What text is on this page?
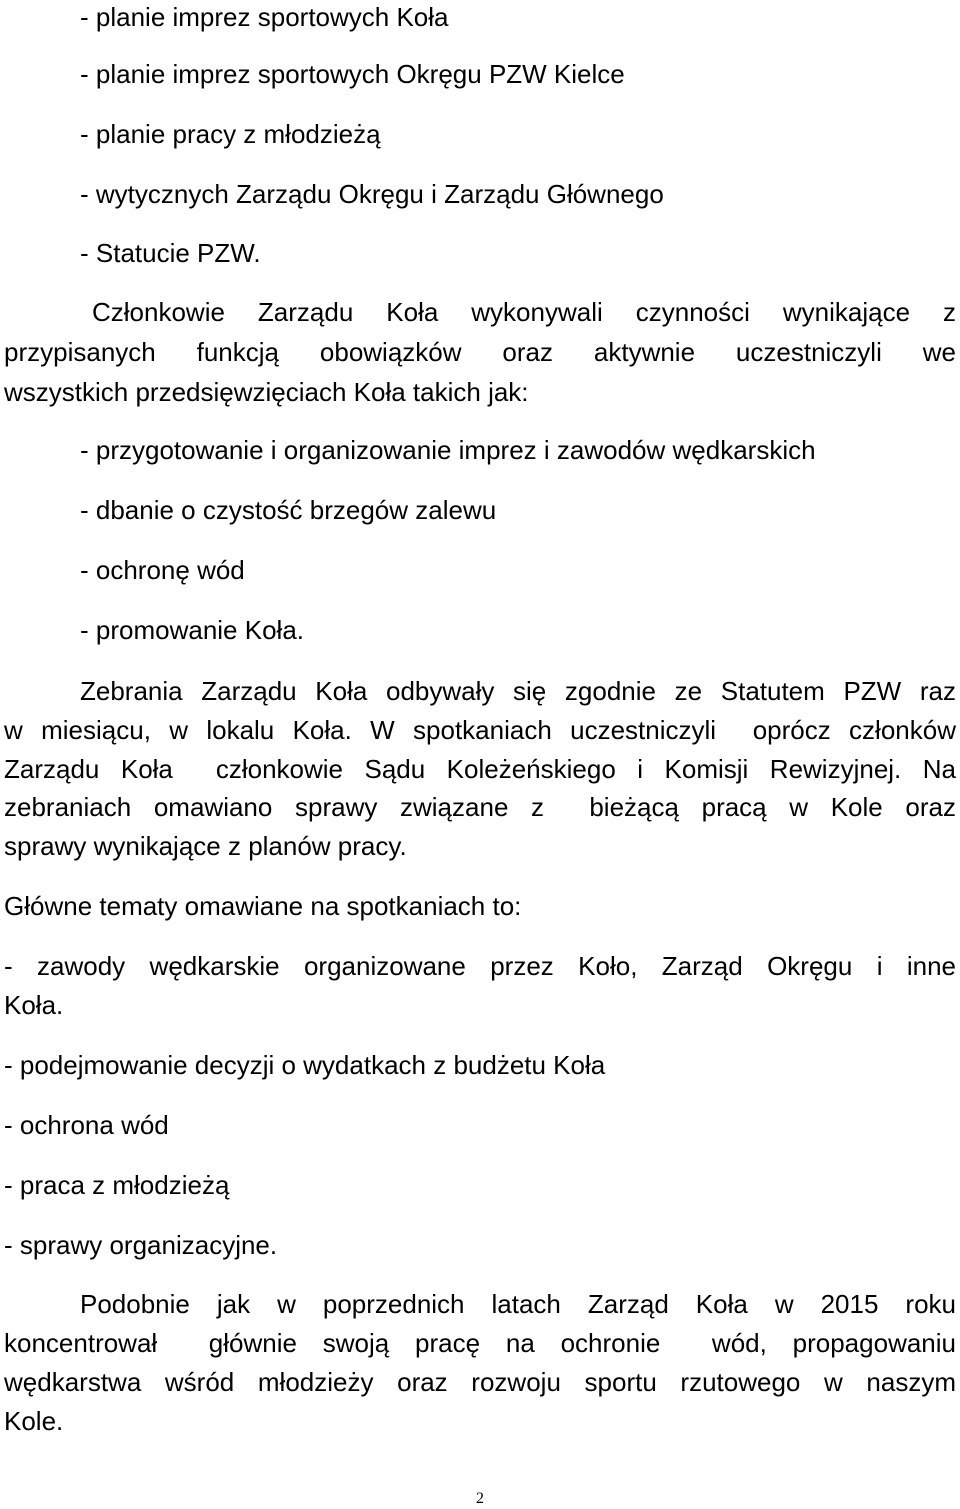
- planie imprez sportowych Koła
- planie imprez sportowych Okręgu PZW Kielce
- planie pracy z młodzieżą
- wytycznych Zarządu Okręgu i Zarządu Głównego
- Statucie PZW.
Członkowie Zarządu Koła wykonywali czynności wynikające z
przypisanych funkcją obowiązków oraz aktywnie uczestniczyli we
wszystkich przedsięwzięciach Koła takich jak:
- przygotowanie i organizowanie imprez i zawodów wędkarskich
- dbanie o czystość brzegów zalewu
- ochronę wód
- promowanie Koła.
Zebrania Zarządu Koła odbywały się zgodnie ze Statutem PZW raz
w miesiącu, w lokalu Koła. W spotkaniach uczestniczyli  oprócz członków
Zarządu Koła  członkowie Sądu Koleżeńskiego i Komisji Rewizyjnej. Na
zebraniach omawiano sprawy związane z  bieżącą pracą w Kole oraz
sprawy wynikające z planów pracy.
Główne tematy omawiane na spotkaniach to:
- zawody wędkarskie organizowane przez Koło, Zarząd Okręgu i inne
Koła.
- podejmowanie decyzji o wydatkach z budżetu Koła
- ochrona wód
- praca z młodzieżą
- sprawy organizacyjne.
Podobnie jak w poprzednich latach Zarząd Koła w 2015 roku
koncentrował  głównie swoją pracę na ochronie  wód, propagowaniu
wędkarstwa wśród młodzieży oraz rozwoju sportu rzutowego w naszym
Kole.
2
